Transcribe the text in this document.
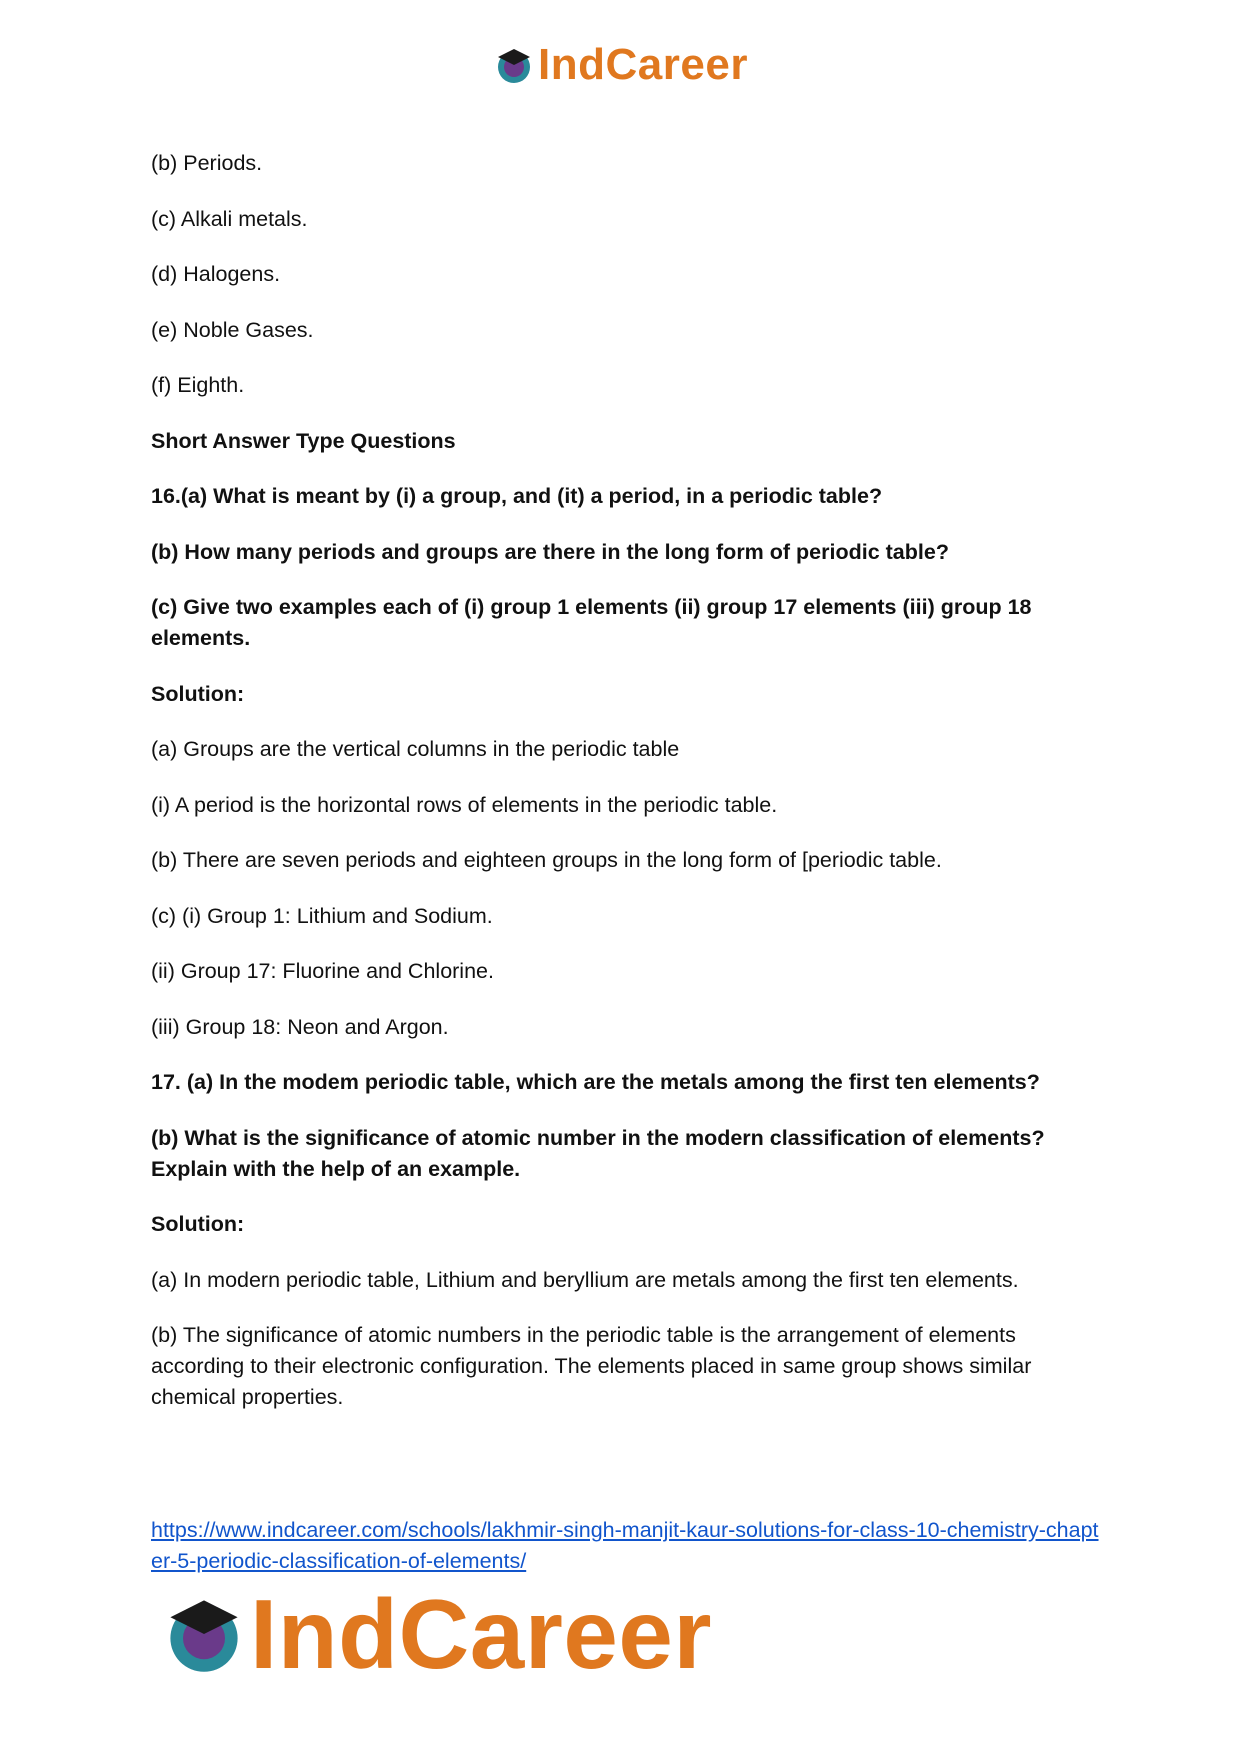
IndCareer

(b) Periods.

(c) Alkali metals.

(d) Halogens.

(e) Noble Gases.

(f) Eighth.

Short Answer Type Questions

16.(a) What is meant by (i) a group, and (it) a period, in a periodic table?

(b) How many periods and groups are there in the long form of periodic table?

(c) Give two examples each of (i) group 1 elements (ii) group 17 elements (iii) group 18 elements.

Solution:

(a) Groups are the vertical columns in the periodic table

(i) A period is the horizontal rows of elements in the periodic table.

(b) There are seven periods and eighteen groups in the long form of [periodic table.

(c) (i) Group 1: Lithium and Sodium.

(ii) Group 17: Fluorine and Chlorine.

(iii) Group 18: Neon and Argon.

17. (a) In the modem periodic table, which are the metals among the first ten elements?

(b) What is the significance of atomic number in the modern classification of elements? Explain with the help of an example.

Solution:

(a) In modern periodic table, Lithium and beryllium are metals among the first ten elements.

(b) The significance of atomic numbers in the periodic table is the arrangement of elements according to their electronic configuration. The elements placed in same group shows similar chemical properties.

https://www.indcareer.com/schools/lakhmir-singh-manjit-kaur-solutions-for-class-10-chemistry-chapter-5-periodic-classification-of-elements/
IndCareer
